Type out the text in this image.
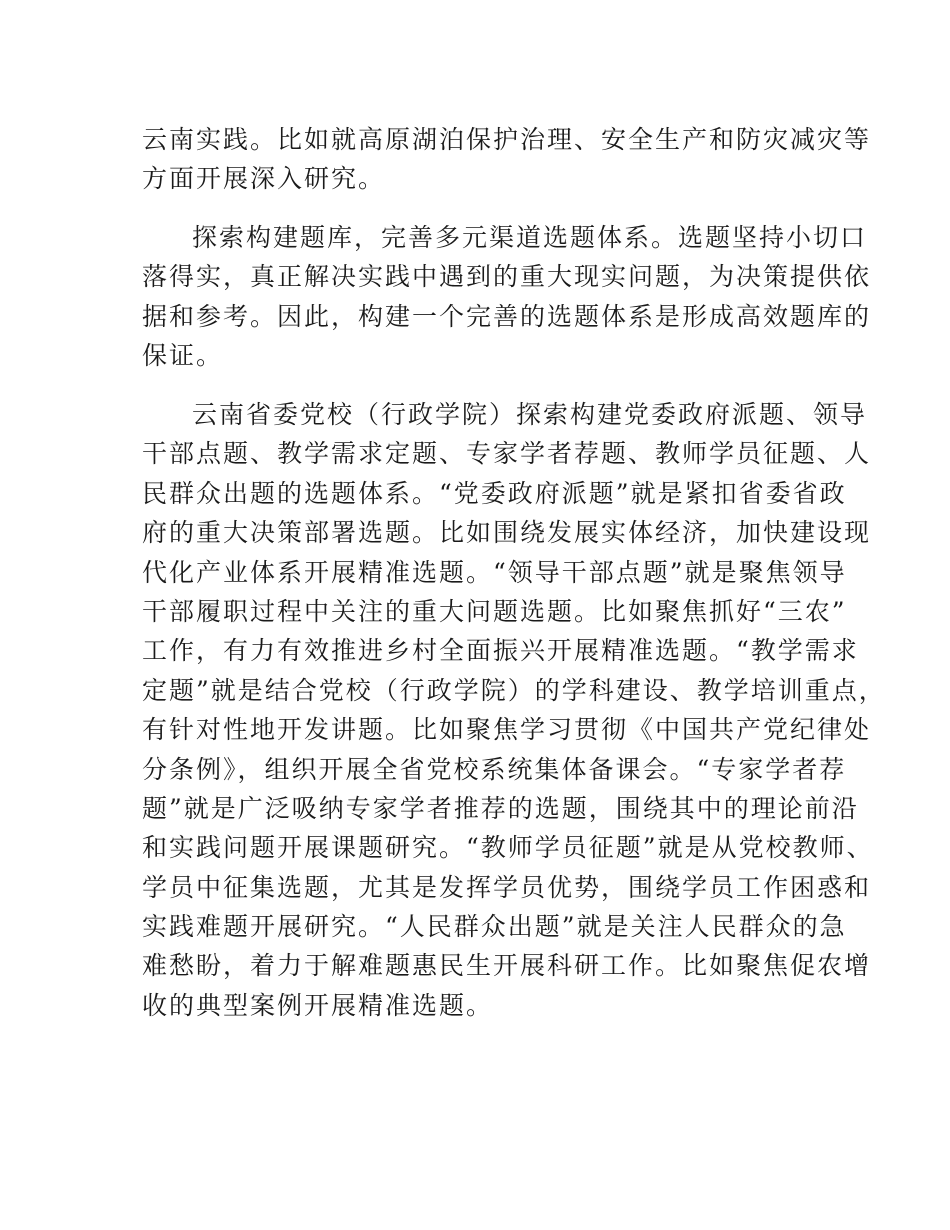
云南实践。比如就高原湖泊保护治理、安全生产和防灾减灾等
方面开展深入研究。
探索构建题库，完善多元渠道选题体系。选题坚持小切口
落得实，真正解决实践中遇到的重大现实问题，为决策提供依
据和参考。因此，构建一个完善的选题体系是形成高效题库的
保证。
云南省委党校（行政学院）探索构建党委政府派题、领导
干部点题、教学需求定题、专家学者荐题、教师学员征题、人
民群众出题的选题体系。“党委政府派题”就是紧扣省委省政
府的重大决策部署选题。比如围绕发展实体经济，加快建设现
代化产业体系开展精准选题。“领导干部点题”就是聚焦领导
干部履职过程中关注的重大问题选题。比如聚焦抓好“三农”
工作，有力有效推进乡村全面振兴开展精准选题。“教学需求
定题”就是结合党校（行政学院）的学科建设、教学培训重点，
有针对性地开发讲题。比如聚焦学习贯彻《中国共产党纪律处
分条例》，组织开展全省党校系统集体备课会。“专家学者荐
题”就是广泛吸纳专家学者推荐的选题，围绕其中的理论前沿
和实践问题开展课题研究。“教师学员征题”就是从党校教师、
学员中征集选题，尤其是发挥学员优势，围绕学员工作困惑和
实践难题开展研究。“人民群众出题”就是关注人民群众的急
难愁盼，着力于解难题惠民生开展科研工作。比如聚焦促农增
收的典型案例开展精准选题。
